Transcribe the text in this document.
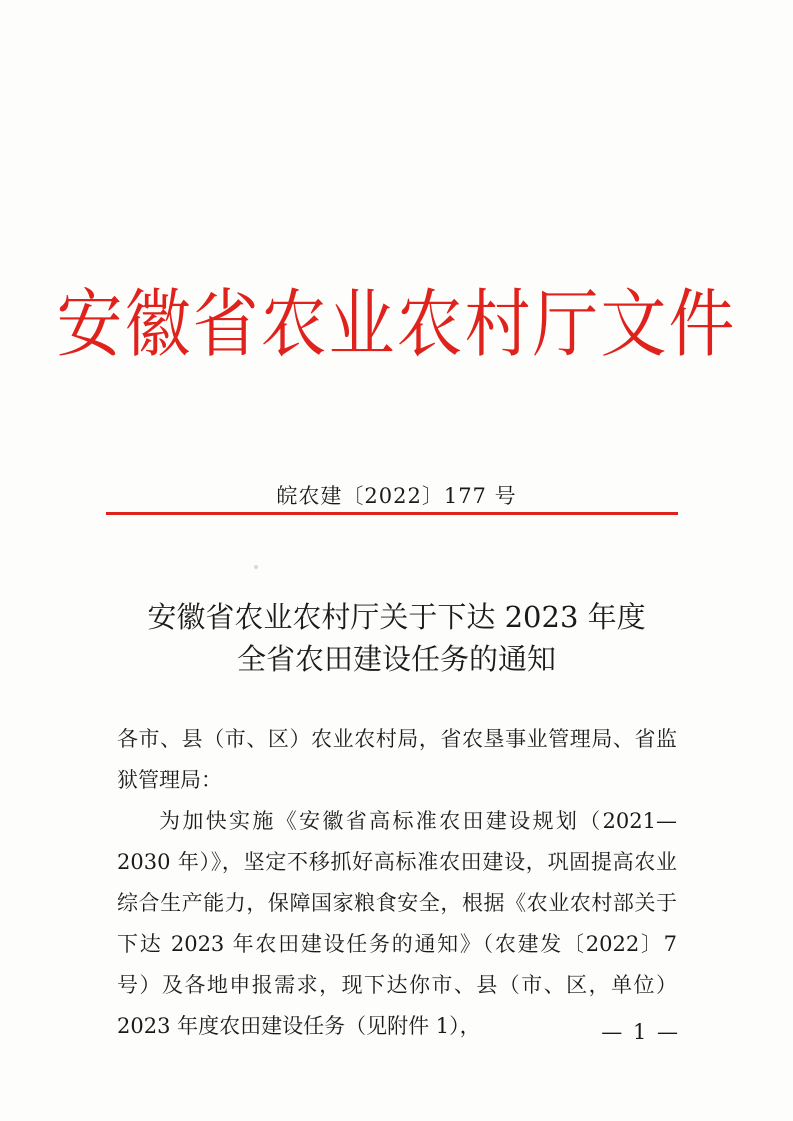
安徽省农业农村厅文件
皖农建〔2022〕177 号
安徽省农业农村厅关于下达 2023 年度
全省农田建设任务的通知
各市、县（市、区）农业农村局，省农垦事业管理局、省监狱管理局：
为加快实施《安徽省高标准农田建设规划（2021—2030 年）》，坚定不移抓好高标准农田建设，巩固提高农业综合生产能力，保障国家粮食安全，根据《农业农村部关于下达 2023 年农田建设任务的通知》（农建发〔2022〕7 号）及各地申报需求，现下达你市、县（市、区，单位）2023 年度农田建设任务（见附件 1），	— 1 —
